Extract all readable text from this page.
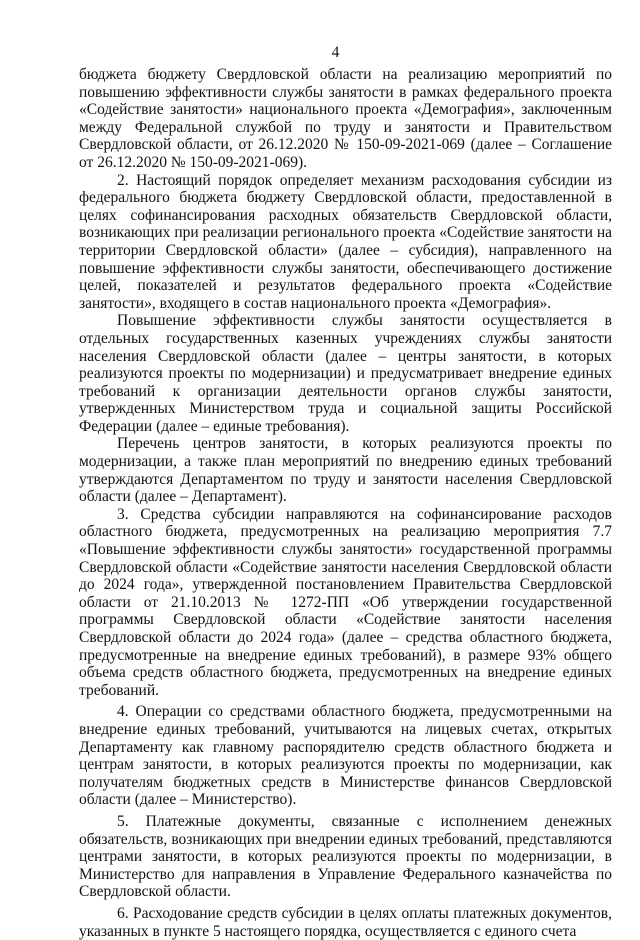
4

бюджета бюджету Свердловской области на реализацию мероприятий по повышению эффективности службы занятости в рамках федерального проекта «Содействие занятости» национального проекта «Демография», заключенным между Федеральной службой по труду и занятости и Правительством Свердловской области, от 26.12.2020 № 150-09-2021-069 (далее – Соглашение от 26.12.2020 № 150-09-2021-069).

2. Настоящий порядок определяет механизм расходования субсидии из федерального бюджета бюджету Свердловской области, предоставленной в целях софинансирования расходных обязательств Свердловской области, возникающих при реализации регионального проекта «Содействие занятости на территории Свердловской области» (далее – субсидия), направленного на повышение эффективности службы занятости, обеспечивающего достижение целей, показателей и результатов федерального проекта «Содействие занятости», входящего в состав национального проекта «Демография».

Повышение эффективности службы занятости осуществляется в отдельных государственных казенных учреждениях службы занятости населения Свердловской области (далее – центры занятости, в которых реализуются проекты по модернизации) и предусматривает внедрение единых требований к организации деятельности органов службы занятости, утвержденных Министерством труда и социальной защиты Российской Федерации (далее – единые требования).

Перечень центров занятости, в которых реализуются проекты по модернизации, а также план мероприятий по внедрению единых требований утверждаются Департаментом по труду и занятости населения Свердловской области (далее – Департамент).

3. Средства субсидии направляются на софинансирование расходов областного бюджета, предусмотренных на реализацию мероприятия 7.7 «Повышение эффективности службы занятости» государственной программы Свердловской области «Содействие занятости населения Свердловской области до 2024 года», утвержденной постановлением Правительства Свердловской области от 21.10.2013 № 1272-ПП «Об утверждении государственной программы Свердловской области «Содействие занятости населения Свердловской области до 2024 года» (далее – средства областного бюджета, предусмотренные на внедрение единых требований), в размере 93% общего объема средств областного бюджета, предусмотренных на внедрение единых требований.

4. Операции со средствами областного бюджета, предусмотренными на внедрение единых требований, учитываются на лицевых счетах, открытых Департаменту как главному распорядителю средств областного бюджета и центрам занятости, в которых реализуются проекты по модернизации, как получателям бюджетных средств в Министерстве финансов Свердловской области (далее – Министерство).

5. Платежные документы, связанные с исполнением денежных обязательств, возникающих при внедрении единых требований, представляются центрами занятости, в которых реализуются проекты по модернизации, в Министерство для направления в Управление Федерального казначейства по Свердловской области.

6. Расходование средств субсидии в целях оплаты платежных документов, указанных в пункте 5 настоящего порядка, осуществляется с единого счета
